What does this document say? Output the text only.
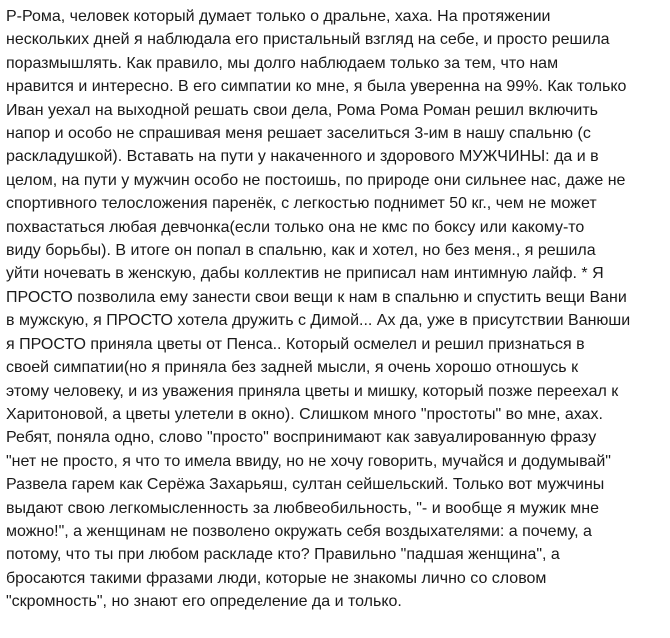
Р-Рома, человек который думает только о дральне, хаха. На протяжении
нескольких дней я наблюдала его пристальный взгляд на себе, и просто решила
поразмышлять. Как правило, мы долго наблюдаем только за тем, что нам
нравится и интересно. В его симпатии ко мне, я была уверенна на 99%. Как только
Иван уехал на выходной решать свои дела, Рома Рома Роман решил включить
напор и особо не спрашивая меня решает заселиться 3-им в нашу спальню (с
раскладушкой). Вставать на пути у накаченного и здорового МУЖЧИНЫ: да и в
целом, на пути у мужчин особо не постоишь, по природе они сильнее нас, даже не
спортивного телосложения паренёк, с легкостью поднимет 50 кг., чем не может
похвастаться любая девчонка(если только она не кмс по боксу или какому-то
виду борьбы). В итоге он попал в спальню, как и хотел, но без меня., я решила
уйти ночевать в женскую, дабы коллектив не приписал нам интимную лайф. * Я
ПРОСТО позволила ему занести свои вещи к нам в спальню и спустить вещи Вани
в мужскую, я ПРОСТО хотела дружить с Димой... Ах да, уже в присутствии Ванюши
я ПРОСТО приняла цветы от Пенса.. Который осмелел и решил признаться в
своей симпатии(но я приняла без задней мысли, я очень хорошо отношусь к
этому человеку, и из уважения приняла цветы и мишку, который позже переехал к
Харитоновой, а цветы улетели в окно). Слишком много "простоты" во мне, ахах.
Ребят, поняла одно, слово "просто" воспринимают как завуалированную фразу
"нет не просто, я что то имела ввиду, но не хочу говорить, мучайся и додумывай"
Развела гарем как Серёжа Захарьяш, султан сейшельский. Только вот мужчины
выдают свою легкомысленность за любвеобильность, "- и вообще я мужик мне
можно!", а женщинам не позволено окружать себя воздыхателями: а почему, а
потому, что ты при любом раскладе кто? Правильно "падшая женщина", а
бросаются такими фразами люди, которые не знакомы лично со словом
"скромность", но знают его определение да и только.
